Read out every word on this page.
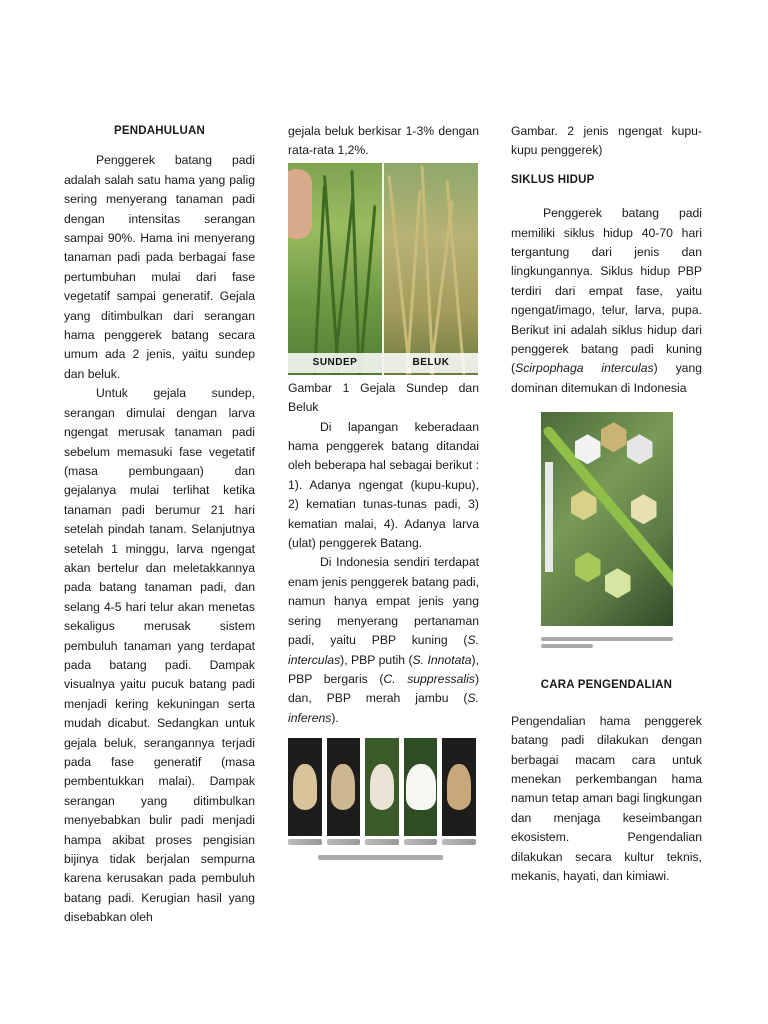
PENDAHULUAN

Penggerek batang padi adalah salah satu hama yang palig sering menyerang tanaman padi dengan intensitas serangan sampai 90%. Hama ini menyerang tanaman padi pada berbagai fase pertumbuhan mulai dari fase vegetatif sampai generatif. Gejala yang ditimbulkan dari serangan hama penggerek batang secara umum ada 2 jenis, yaitu sundep dan beluk.

Untuk gejala sundep, serangan dimulai dengan larva ngengat merusak tanaman padi sebelum memasuki fase vegetatif (masa pembungaan) dan gejalanya mulai terlihat ketika tanaman padi berumur 21 hari setelah pindah tanam. Selanjutnya setelah 1 minggu, larva ngengat akan bertelur dan meletakkannya pada batang tanaman padi, dan selang 4-5 hari telur akan menetas sekaligus merusak sistem pembuluh tanaman yang terdapat pada batang padi. Dampak visualnya yaitu pucuk batang padi menjadi kering kekuningan serta mudah dicabut. Sedangkan untuk gejala beluk, serangannya terjadi pada fase generatif (masa pembentukkan malai). Dampak serangan yang ditimbulkan menyebabkan bulir padi menjadi hampa akibat proses pengisian bijinya tidak berjalan sempurna karena kerusakan pada pembuluh batang padi. Kerugian hasil yang disebabkan oleh

gejala beluk berkisar 1-3% dengan rata-rata 1,2%.

SUNDEP	BELUK

Gambar 1 Gejala Sundep dan Beluk

Di lapangan keberadaan hama penggerek batang ditandai oleh beberapa hal sebagai berikut : 1). Adanya ngengat (kupu-kupu), 2) kematian tunas-tunas padi, 3) kematian malai, 4). Adanya larva (ulat) penggerek Batang.

Di Indonesia sendiri terdapat enam jenis penggerek batang padi, namun hanya empat jenis yang sering menyerang pertanaman padi, yaitu PBP kuning (S. interculas), PBP putih (S. Innotata), PBP bergaris (C. suppressalis) dan, PBP merah jambu (S. inferens).

Gambar. 2 jenis ngengat kupu-kupu penggerek)

SIKLUS HIDUP

Penggerek batang padi memiliki siklus hidup 40-70 hari tergantung dari jenis dan lingkungannya. Siklus hidup PBP terdiri dari empat fase, yaitu ngengat/imago, telur, larva, pupa. Berikut ini adalah siklus hidup dari penggerek batang padi kuning (Scirpophaga interculas) yang dominan ditemukan di Indonesia

CARA PENGENDALIAN

Pengendalian hama penggerek batang padi dilakukan dengan berbagai macam cara untuk menekan perkembangan hama namun tetap aman bagi lingkungan dan menjaga keseimbangan ekosistem. Pengendalian dilakukan secara kultur teknis, mekanis, hayati, dan kimiawi.
